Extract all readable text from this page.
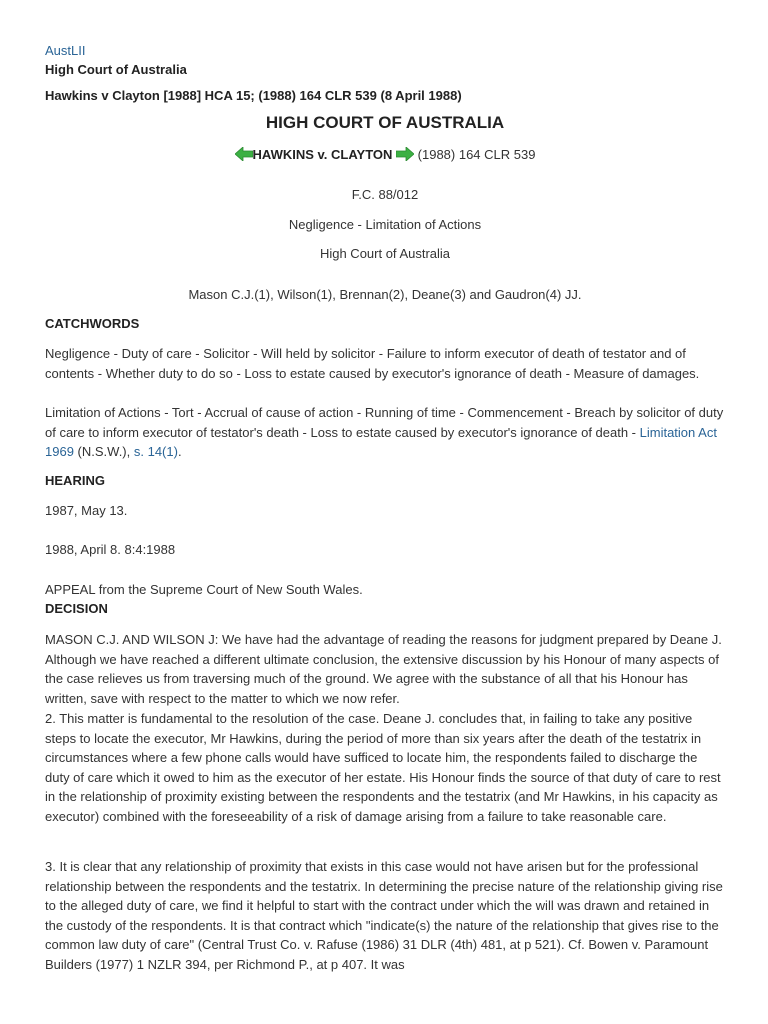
AustLII
High Court of Australia
Hawkins v Clayton [1988] HCA 15; (1988) 164 CLR 539 (8 April 1988)
HIGH COURT OF AUSTRALIA
HAWKINS v. CLAYTON (1988) 164 CLR 539
F.C. 88/012
Negligence - Limitation of Actions
High Court of Australia
Mason C.J.(1), Wilson(1), Brennan(2), Deane(3) and Gaudron(4) JJ.
CATCHWORDS
Negligence - Duty of care - Solicitor - Will held by solicitor - Failure to inform executor of death of testator and of contents - Whether duty to do so - Loss to estate caused by executor's ignorance of death - Measure of damages.
Limitation of Actions - Tort - Accrual of cause of action - Running of time - Commencement - Breach by solicitor of duty of care to inform executor of testator's death - Loss to estate caused by executor's ignorance of death - Limitation Act 1969 (N.S.W.), s. 14(1).
HEARING
1987, May 13.
1988, April 8. 8:4:1988
APPEAL from the Supreme Court of New South Wales.
DECISION
MASON C.J. AND WILSON J: We have had the advantage of reading the reasons for judgment prepared by Deane J. Although we have reached a different ultimate conclusion, the extensive discussion by his Honour of many aspects of the case relieves us from traversing much of the ground. We agree with the substance of all that his Honour has written, save with respect to the matter to which we now refer.
2. This matter is fundamental to the resolution of the case. Deane J. concludes that, in failing to take any positive steps to locate the executor, Mr Hawkins, during the period of more than six years after the death of the testatrix in circumstances where a few phone calls would have sufficed to locate him, the respondents failed to discharge the duty of care which it owed to him as the executor of her estate. His Honour finds the source of that duty of care to rest in the relationship of proximity existing between the respondents and the testatrix (and Mr Hawkins, in his capacity as executor) combined with the foreseeability of a risk of damage arising from a failure to take reasonable care.
3. It is clear that any relationship of proximity that exists in this case would not have arisen but for the professional relationship between the respondents and the testatrix. In determining the precise nature of the relationship giving rise to the alleged duty of care, we find it helpful to start with the contract under which the will was drawn and retained in the custody of the respondents. It is that contract which "indicate(s) the nature of the relationship that gives rise to the common law duty of care" (Central Trust Co. v. Rafuse (1986) 31 DLR (4th) 481, at p 521). Cf. Bowen v. Paramount Builders (1977) 1 NZLR 394, per Richmond P., at p 407. It was
